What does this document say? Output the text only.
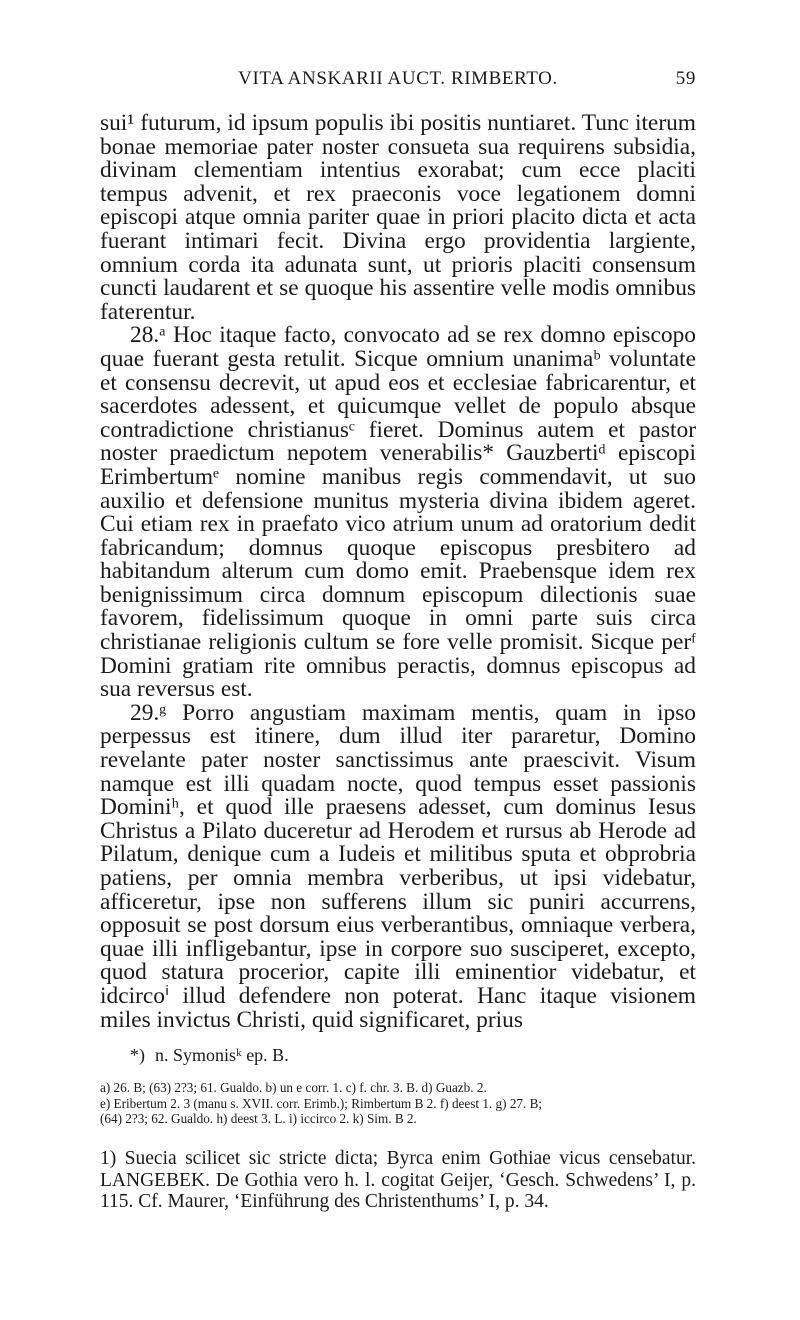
VITA ANSKARII AUCT. RIMBERTO.	59

sui¹ futurum, id ipsum populis ibi positis nuntiaret. Tunc iterum bonae memoriae pater noster consueta sua requirens subsidia, divinam clementiam intentius exorabat; cum ecce placiti tempus advenit, et rex praeconis voce legationem domni episcopi atque omnia pariter quae in priori placito dicta et acta fuerant intimari fecit. Divina ergo providentia largiente, omnium corda ita adunata sunt, ut prioris placiti consensum cuncti laudarent et se quoque his assentire velle modis omnibus faterentur.

28.ᵃ Hoc itaque facto, convocato ad se rex domno episcopo quae fuerant gesta retulit. Sicque omnium unanimaᵇ voluntate et consensu decrevit, ut apud eos et ecclesiae fabricarentur, et sacerdotes adessent, et quicumque vellet de populo absque contradictione christianusᶜ fieret. Dominus autem et pastor noster praedictum nepotem venerabilis* Gauzbertiᵈ episcopi Erimbertumᵉ nomine manibus regis commendavit, ut suo auxilio et defensione munitus mysteria divina ibidem ageret. Cui etiam rex in praefato vico atrium unum ad oratorium dedit fabricandum; domnus quoque episcopus presbitero ad habitandum alterum cum domo emit. Praebensque idem rex benignissimum circa domnum episcopum dilectionis suae favorem, fidelissimum quoque in omni parte suis circa christianae religionis cultum se fore velle promisit. Sicque perᶠ Domini gratiam rite omnibus peractis, domnus episcopus ad sua reversus est.

29.ᵍ Porro angustiam maximam mentis, quam in ipso perpessus est itinere, dum illud iter pararetur, Domino revelante pater noster sanctissimus ante praescivit. Visum namque est illi quadam nocte, quod tempus esset passionis Dominiʰ, et quod ille praesens adesset, cum dominus Iesus Christus a Pilato duceretur ad Herodem et rursus ab Herode ad Pilatum, denique cum a Iudeis et militibus sputa et obprobria patiens, per omnia membra verberibus, ut ipsi videbatur, afficeretur, ipse non sufferens illum sic puniri accurrens, opposuit se post dorsum eius verberantibus, omniaque verbera, quae illi infligebantur, ipse in corpore suo susciperet, excepto, quod statura procerior, capite illi eminentior videbatur, et idcircoⁱ illud defendere non poterat. Hanc itaque visionem miles invictus Christi, quid significaret, prius

*) n. Symonisᵏ ep. B.

a) 26. B; (63) 2?3; 61. Gualdo. b) un e corr. 1. c) f. chr. 3. B. d) Guazb. 2.

e) Eribertum 2. 3 (manu s. XVII. corr. Erimb.); Rimbertum B 2. f) deest 1. g) 27. B;

(64) 2?3; 62. Gualdo. h) deest 3. L. i) iccirco 2. k) Sim. B 2.

1) Suecia scilicet sic stricte dicta; Byrca enim Gothiae vicus censebatur. LANGEBEK. De Gothia vero h. l. cogitat Geijer, ‘Gesch. Schwedens’ I, p. 115. Cf. Maurer, ‘Einführung des Christenthums’ I, p. 34.
